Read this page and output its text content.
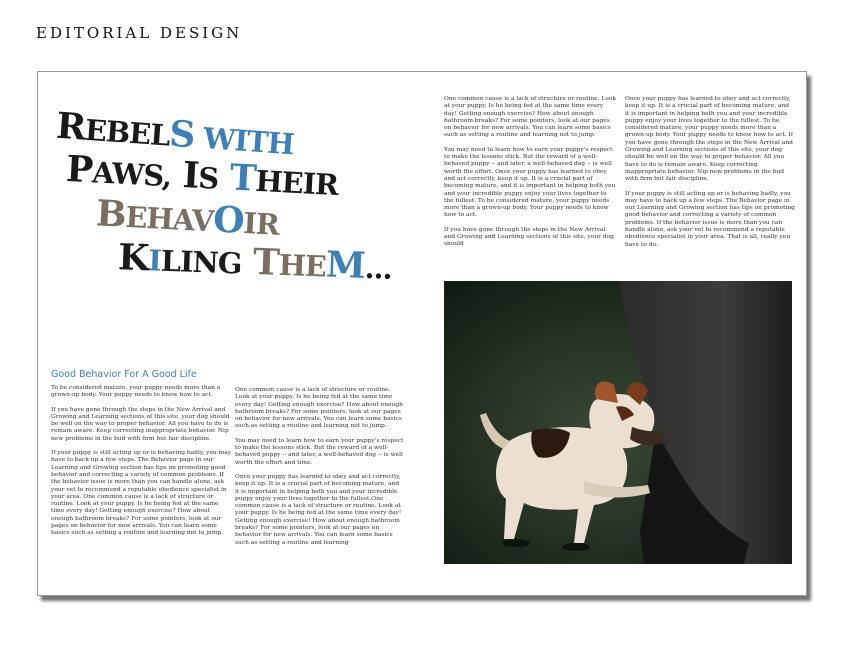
EDITORIAL DESIGN
REBELS WITH
PAWS, IS THEIR
BEHAVOIR
KILING THEM...
Good Behavior For A Good Life

To be considered mature, your puppy needs more than a grown-up body. Your puppy needs to know how to act.

If you have gone through the steps in the New Arrival and Growing and Learning sections of this site, your dog should be well on the way to proper behavior. All you have to do is remain aware. Keep correcting inappropriate behavior. Nip new problems in the bud with firm but fair discipline.

If your puppy is still acting up or is behaving badly, you may have to back up a few steps. The Behavior page in our Learning and Growing section has tips on promoting good behavior and correcting a variety of common problems. If the behavior issue is more than you can handle alone, ask your vet to recommend a reputable obedience specialist in your area. One common cause is a lack of structure or routine. Look at your puppy. Is he being fed at the same time every day! Getting enough exercise? How about enough bathroom breaks? For some pointers, look at our pages on behavior for new arrivals. You can learn some basics such as setting a routine and learning not to jump.

One common cause is a lack of structure or routine. Look at your puppy. Is he being fed at the same time every day! Getting enough exercise? How about enough bathroom breaks? For some pointers, look at our pages on behavior for new arrivals. You can learn some basics such as setting a routine and learning not to jump.

You may need to learn how to earn your puppy's respect to make the lessons stick. But the reward of a well-behaved puppy -- and later, a well-behaved dog -- is well worth the effort and time.

Once your puppy has learned to obey and act correctly, keep it up. It is a crucial part of becoming mature, and it is important in helping both you and your incredible puppy enjoy your lives together to the fullest.One common cause is a lack of structure or routine. Look at your puppy. Is he being fed at the same time every day! Getting enough exercise! How about enough bathroom breaks? For some pointers, look at our pages on behavior for new arrivals. You can learn some basics such as setting a routine and learning

One common cause is a lack of structure or routine. Look at your puppy. Is he being fed at the same time every day! Getting enough exercise? How about enough bathroom breaks? For some pointers, look at our pages on behavior for new arrivals. You can learn some basics such as setting a routine and learning not to jump.

You may need to learn how to earn your puppy's respect to make the lessons stick. But the reward of a well-behaved puppy -- and later, a well-behaved dog -- is well worth the effort. Once your puppy has learned to obey and act correctly, keep it up. It is a crucial part of becoming mature, and it is important in helping both you and your incredible puppy enjoy your lives together to the fullest. To be considered mature, your puppy needs more than a grown-up body. Your puppy needs to know how to act.

If you have gone through the steps in the New Arrival and Growing and Learning sections of this site, your dog should

Once your puppy has learned to obey and act correctly, keep it up. It is a crucial part of becoming mature, and it is important in helping both you and your incredible puppy enjoy your lives together to the fullest. To be considered mature, your puppy needs more than a grown-up body. Your puppy needs to know how to act. If you have gone through the steps in the New Arrival and Growing and Learning sections of this site, your dog should be well on the way to proper behavior. All you have to do is remain aware. Keep correcting inappropriate behavior. Nip new problems in the bud with firm but fair discipline.

If your puppy is still acting up or is behaving badly, you may have to back up a few steps. The Behavior page in our Learning and Growing section has tips on promoting good behavior and correcting a variety of common problems. If the behavior issue is more than you can handle alone, ask your vet to recommend a reputable obedience specialist in your area. That is all, really you have to do.
